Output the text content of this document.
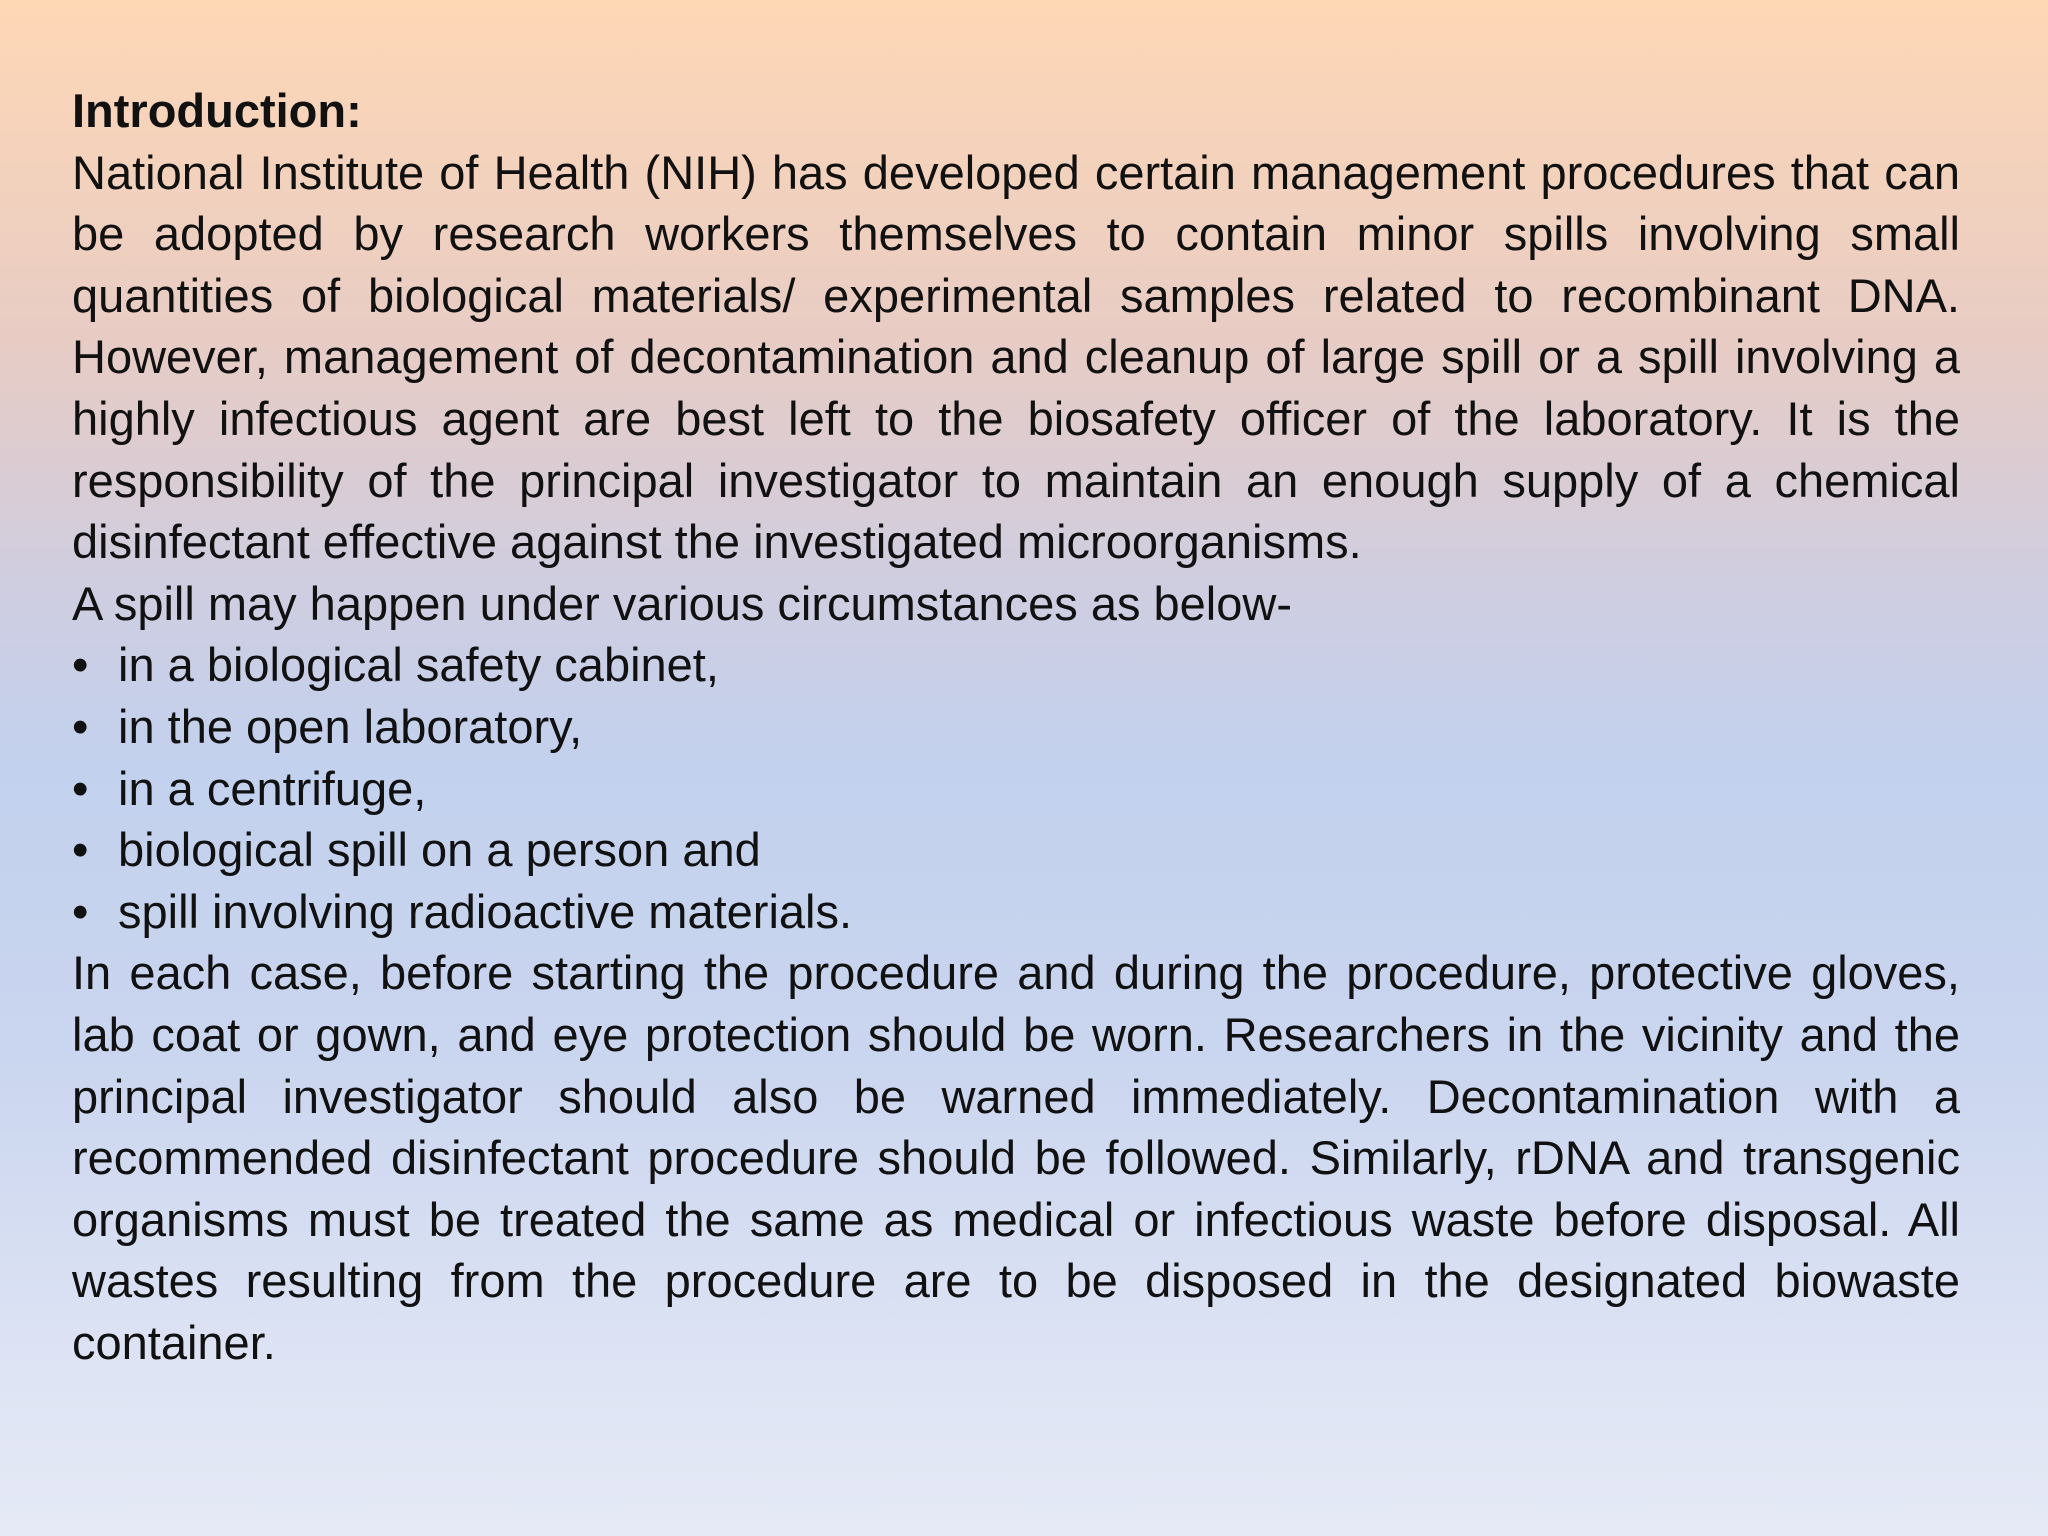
Introduction:

National Institute of Health (NIH) has developed certain management procedures that can be adopted by research workers themselves to contain minor spills involving small quantities of biological materials/ experimental samples related to recombinant DNA. However, management of decontamination and cleanup of large spill or a spill involving a highly infectious agent are best left to the biosafety officer of the laboratory. It is the responsibility of the principal investigator to maintain an enough supply of a chemical disinfectant effective against the investigated microorganisms.

A spill may happen under various circumstances as below-

• in a biological safety cabinet,
• in the open laboratory,
• in a centrifuge,
• biological spill on a person and
• spill involving radioactive materials.

In each case, before starting the procedure and during the procedure, protective gloves, lab coat or gown, and eye protection should be worn. Researchers in the vicinity and the principal investigator should also be warned immediately. Decontamination with a recommended disinfectant procedure should be followed. Similarly, rDNA and transgenic organisms must be treated the same as medical or infectious waste before disposal. All wastes resulting from the procedure are to be disposed in the designated biowaste container.
